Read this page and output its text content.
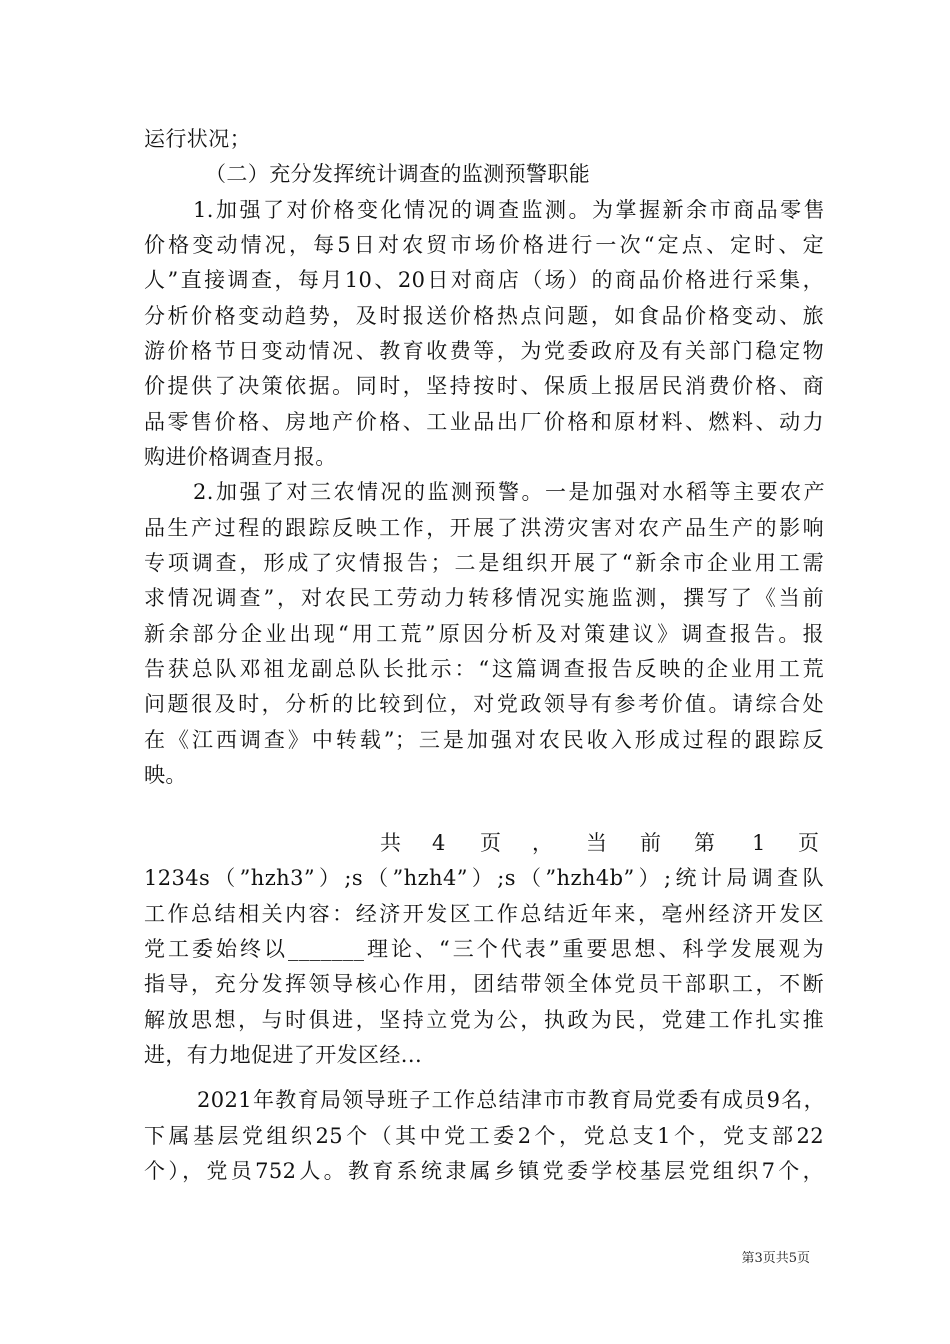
运行状况；
（二）充分发挥统计调查的监测预警职能
1.加强了对价格变化情况的调查监测。为掌握新余市商品零售
价格变动情况，每5日对农贸市场价格进行一次“定点、定时、定
人”直接调查，每月10、20日对商店（场）的商品价格进行采集，
分析价格变动趋势，及时报送价格热点问题，如食品价格变动、旅
游价格节日变动情况、教育收费等，为党委政府及有关部门稳定物
价提供了决策依据。同时，坚持按时、保质上报居民消费价格、商
品零售价格、房地产价格、工业品出厂价格和原材料、燃料、动力
购进价格调查月报。
2.加强了对三农情况的监测预警。一是加强对水稻等主要农产
品生产过程的跟踪反映工作，开展了洪涝灾害对农产品生产的影响
专项调查，形成了灾情报告；二是组织开展了“新余市企业用工需
求情况调查”，对农民工劳动力转移情况实施监测，撰写了《当前
新余部分企业出现“用工荒”原因分析及对策建议》调查报告。报
告获总队邓祖龙副总队长批示：“这篇调查报告反映的企业用工荒
问题很及时，分析的比较到位，对党政领导有参考价值。请综合处
在《江西调查》中转载”；三是加强对农民收入形成过程的跟踪反
映。
共 4 页 ， 当 前 第 1 页
1234s（”hzh3”）;s（”hzh4”）;s（”hzh4b”）;统计局调查队
工作总结相关内容：经济开发区工作总结近年来，亳州经济开发区
党工委始终以_______理论、“三个代表”重要思想、科学发展观为
指导，充分发挥领导核心作用，团结带领全体党员干部职工，不断
解放思想，与时俱进，坚持立党为公，执政为民，党建工作扎实推
进，有力地促进了开发区经...
2021年教育局领导班子工作总结津市市教育局党委有成员9名，
下属基层党组织25个（其中党工委2个，党总支1个，党支部22
个），党员752人。教育系统隶属乡镇党委学校基层党组织7个，
第3页共5页
